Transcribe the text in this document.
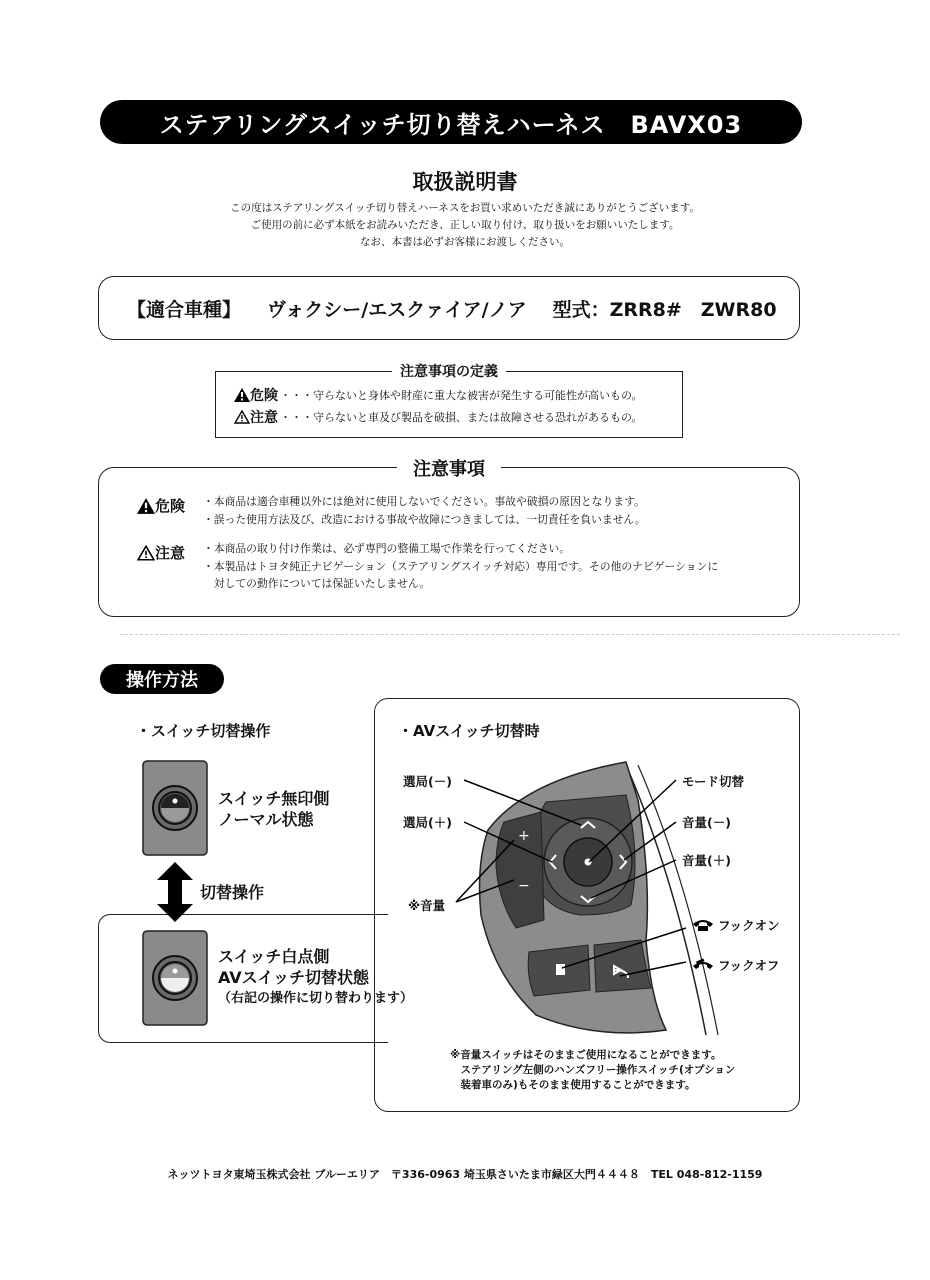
ステアリングスイッチ切り替えハーネス　BAVX03
取扱説明書
この度はステアリングスイッチ切り替えハーネスをお買い求めいただき誠にありがとうございます。
ご使用の前に必ず本紙をお読みいただき、正しい取り付け、取り扱いをお願いいたします。
なお、本書は必ずお客様にお渡しください。
【適合車種】 ヴォクシー/エスクァイア/ノア 型式：ZRR8#　ZWR80
注意事項の定義
危険 ・・・守らないと身体や財産に重大な被害が発生する可能性が高いもの。
注意 ・・・守らないと車及び製品を破損、または故障させる恐れがあるもの。
注意事項
危険 ・本商品は適合車種以外には絶対に使用しないでください。事故や破損の原因となります。
・誤った使用方法及び、改造における事故や故障につきましては、一切責任を負いません。
注意 ・本商品の取り付け作業は、必ず専門の整備工場で作業を行ってください。
・本製品はトヨタ純正ナビゲーション（ステアリングスイッチ対応）専用です。その他のナビゲーションに
　対しての動作については保証いたしません。
操作方法
・スイッチ切替操作
スイッチ無印側
ノーマル状態
切替操作
スイッチ白点側
AVスイッチ切替状態
（右記の操作に切り替わります）
・AVスイッチ切替時
+
−
選局(－)
選局(＋)
※音量
モード切替
音量(－)
音量(＋)
フックオン
フックオフ
※音量スイッチはそのままご使用になることができます。
　ステアリング左側のハンズフリー操作スイッチ(オプション
　装着車のみ)もそのまま使用することができます。
ネッツトヨタ東埼玉株式会社 ブルーエリア　〒336-0963 埼玉県さいたま市緑区大門４４４８　TEL 048-812-1159
